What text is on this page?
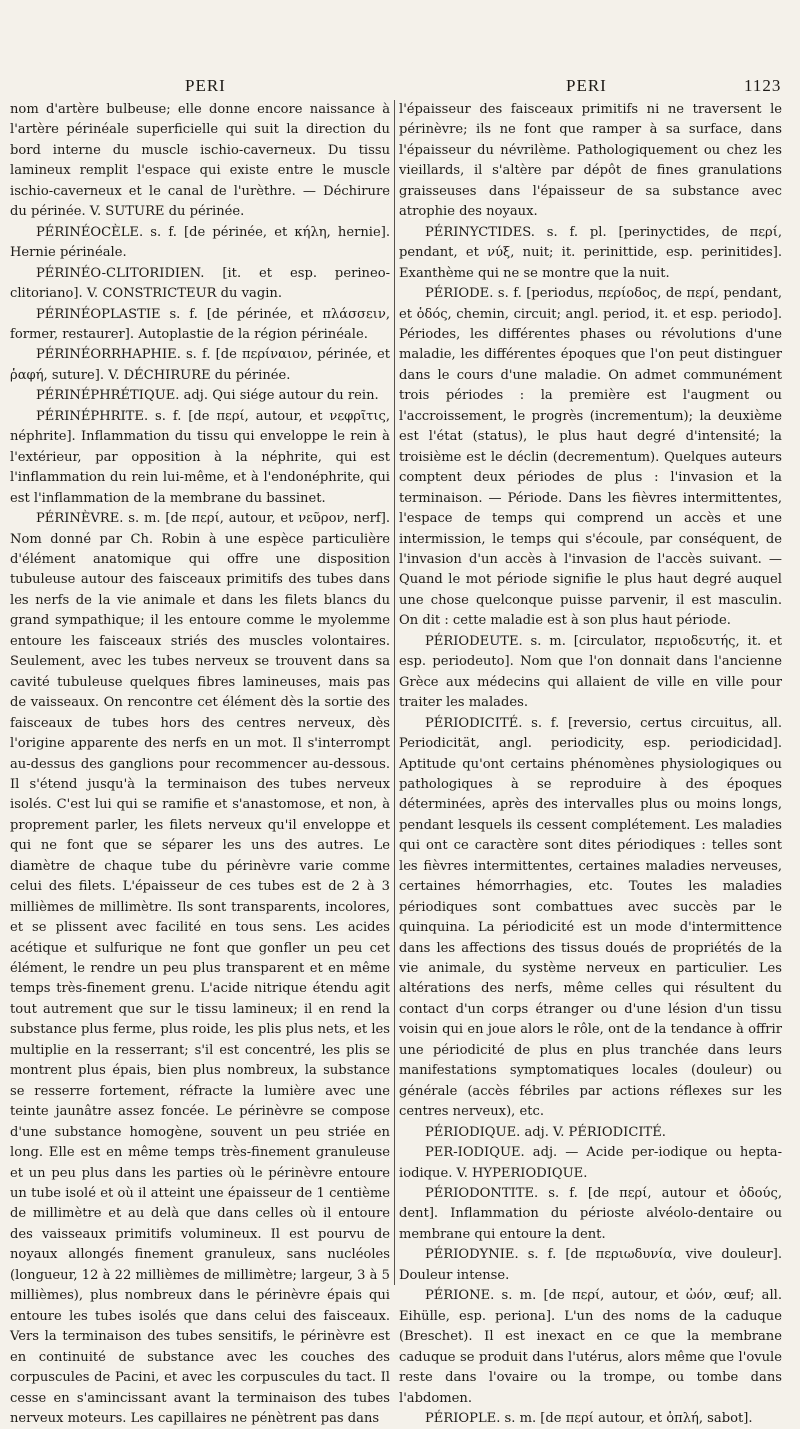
PERI	PERI	1123

nom d'artère bulbeuse; elle donne encore naissance à l'artère périnéale superficielle qui suit la direction du bord interne du muscle ischio-caverneux. Du tissu lamineux remplit l'espace qui existe entre le muscle ischio-caverneux et le canal de l'urèthre. — Déchirure du périnée. V. SUTURE du périnée.

PÉRINÉOCÈLE. s. f. [de périnée, et κήλη, hernie]. Hernie périnéale.

PÉRINÉO-CLITORIDIEN. [it. et esp. perineo-clitoriano]. V. CONSTRICTEUR du vagin.

PÉRINÉOPLASTIE s. f. [de périnée, et πλάσσειν, former, restaurer]. Autoplastie de la région périnéale.

PÉRINÉORRHAPHIE. s. f. [de περίναιον, périnée, et ῥαφή, suture]. V. DÉCHIRURE du périnée.

PÉRINÉPHRÉTIQUE. adj. Qui siége autour du rein.

PÉRINÉPHRITE. s. f. [de περί, autour, et νεφρῖτις, néphrite]. Inflammation du tissu qui enveloppe le rein à l'extérieur, par opposition à la néphrite, qui est l'inflammation du rein lui-même, et à l'endonéphrite, qui est l'inflammation de la membrane du bassinet.

PÉRINÈVRE. s. m. [de περί, autour, et νεῦρον, nerf]. Nom donné par Ch. Robin à une espèce particulière d'élément anatomique qui offre une disposition tubuleuse autour des faisceaux primitifs des tubes dans les nerfs de la vie animale et dans les filets blancs du grand sympathique; il les entoure comme le myolemme entoure les faisceaux striés des muscles volontaires. Seulement, avec les tubes nerveux se trouvent dans sa cavité tubuleuse quelques fibres lamineuses, mais pas de vaisseaux. On rencontre cet élément dès la sortie des faisceaux de tubes hors des centres nerveux, dès l'origine apparente des nerfs en un mot. Il s'interrompt au-dessus des ganglions pour recommencer au-dessous. Il s'étend jusqu'à la terminaison des tubes nerveux isolés. C'est lui qui se ramifie et s'anastomose, et non, à proprement parler, les filets nerveux qu'il enveloppe et qui ne font que se séparer les uns des autres. Le diamètre de chaque tube du périnèvre varie comme celui des filets. L'épaisseur de ces tubes est de 2 à 3 millièmes de millimètre. Ils sont transparents, incolores, et se plissent avec facilité en tous sens. Les acides acétique et sulfurique ne font que gonfler un peu cet élément, le rendre un peu plus transparent et en même temps très-finement grenu. L'acide nitrique étendu agit tout autrement que sur le tissu lamineux; il en rend la substance plus ferme, plus roide, les plis plus nets, et les multiplie en la resserrant; s'il est concentré, les plis se montrent plus épais, bien plus nombreux, la substance se resserre fortement, réfracte la lumière avec une teinte jaunâtre assez foncée. Le périnèvre se compose d'une substance homogène, souvent un peu striée en long. Elle est en même temps très-finement granuleuse et un peu plus dans les parties où le périnèvre entoure un tube isolé et où il atteint une épaisseur de 1 centième de millimètre et au delà que dans celles où il entoure des vaisseaux primitifs volumineux. Il est pourvu de noyaux allongés finement granuleux, sans nucléoles (longueur, 12 à 22 millièmes de millimètre; largeur, 3 à 5 millièmes), plus nombreux dans le périnèvre épais qui entoure les tubes isolés que dans celui des faisceaux. Vers la terminaison des tubes sensitifs, le périnèvre est en continuité de substance avec les couches des corpuscules de Pacini, et avec les corpuscules du tact. Il cesse en s'amincissant avant la terminaison des tubes nerveux moteurs. Les capillaires ne pénètrent pas dans

l'épaisseur des faisceaux primitifs ni ne traversent le périnèvre; ils ne font que ramper à sa surface, dans l'épaisseur du névrilème. Pathologiquement ou chez les vieillards, il s'altère par dépôt de fines granulations graisseuses dans l'épaisseur de sa substance avec atrophie des noyaux.

PÉRINYCTIDES. s. f. pl. [perinyctides, de περί, pendant, et νύξ, nuit; it. perinittide, esp. perinitides]. Exanthème qui ne se montre que la nuit.

PÉRIODE. s. f. [periodus, περίοδος, de περί, pendant, et ὁδός, chemin, circuit; angl. period, it. et esp. periodo]. Périodes, les différentes phases ou révolutions d'une maladie, les différentes époques que l'on peut distinguer dans le cours d'une maladie. On admet communément trois périodes : la première est l'augment ou l'accroissement, le progrès (incrementum); la deuxième est l'état (status), le plus haut degré d'intensité; la troisième est le déclin (decrementum). Quelques auteurs comptent deux périodes de plus : l'invasion et la terminaison. — Période. Dans les fièvres intermittentes, l'espace de temps qui comprend un accès et une intermission, le temps qui s'écoule, par conséquent, de l'invasion d'un accès à l'invasion de l'accès suivant. — Quand le mot période signifie le plus haut degré auquel une chose quelconque puisse parvenir, il est masculin. On dit : cette maladie est à son plus haut période.

PÉRIODEUTE. s. m. [circulator, περιοδευτής, it. et esp. periodeuto]. Nom que l'on donnait dans l'ancienne Grèce aux médecins qui allaient de ville en ville pour traiter les malades.

PÉRIODICITÉ. s. f. [reversio, certus circuitus, all. Periodicität, angl. periodicity, esp. periodicidad]. Aptitude qu'ont certains phénomènes physiologiques ou pathologiques à se reproduire à des époques déterminées, après des intervalles plus ou moins longs, pendant lesquels ils cessent complétement. Les maladies qui ont ce caractère sont dites périodiques : telles sont les fièvres intermittentes, certaines maladies nerveuses, certaines hémorrhagies, etc. Toutes les maladies périodiques sont combattues avec succès par le quinquina. La périodicité est un mode d'intermittence dans les affections des tissus doués de propriétés de la vie animale, du système nerveux en particulier. Les altérations des nerfs, même celles qui résultent du contact d'un corps étranger ou d'une lésion d'un tissu voisin qui en joue alors le rôle, ont de la tendance à offrir une périodicité de plus en plus tranchée dans leurs manifestations symptomatiques locales (douleur) ou générale (accès fébriles par actions réflexes sur les centres nerveux), etc.

PÉRIODIQUE. adj. V. PÉRIODICITÉ.

PER-IODIQUE. adj. — Acide per-iodique ou hepta-iodique. V. HYPERIODIQUE.

PÉRIODONTITE. s. f. [de περί, autour et ὀδούς, dent]. Inflammation du périoste alvéolo-dentaire ou membrane qui entoure la dent.

PÉRIODYNIE. s. f. [de περιωδυνία, vive douleur]. Douleur intense.

PÉRIONE. s. m. [de περί, autour, et ὠόν, œuf; all. Eihülle, esp. periona]. L'un des noms de la caduque (Breschet). Il est inexact en ce que la membrane caduque se produit dans l'utérus, alors même que l'ovule reste dans l'ovaire ou la trompe, ou tombe dans l'abdomen.

PÉRIOPLE. s. m. [de περί autour, et ὁπλή, sabot].
